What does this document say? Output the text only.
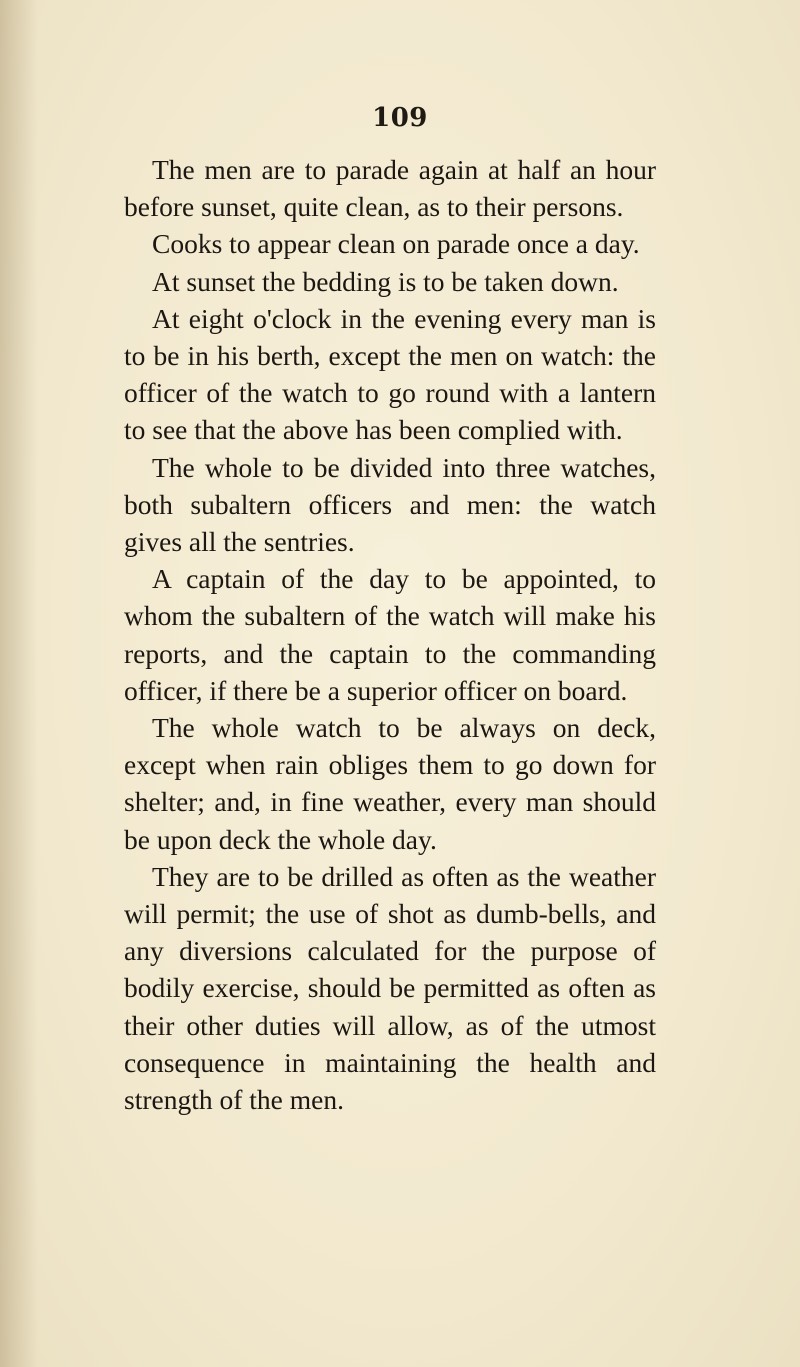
109

The men are to parade again at half an hour before sunset, quite clean, as to their persons.

Cooks to appear clean on parade once a day.

At sunset the bedding is to be taken down.

At eight o'clock in the evening every man is to be in his berth, except the men on watch: the officer of the watch to go round with a lantern to see that the above has been complied with.

The whole to be divided into three watches, both subaltern officers and men: the watch gives all the sentries.

A captain of the day to be appointed, to whom the subaltern of the watch will make his reports, and the captain to the commanding officer, if there be a superior officer on board.

The whole watch to be always on deck, except when rain obliges them to go down for shelter; and, in fine weather, every man should be upon deck the whole day.

They are to be drilled as often as the weather will permit; the use of shot as dumb-bells, and any diversions calculated for the purpose of bodily exercise, should be permitted as often as their other duties will allow, as of the utmost consequence in maintaining the health and strength of the men.
